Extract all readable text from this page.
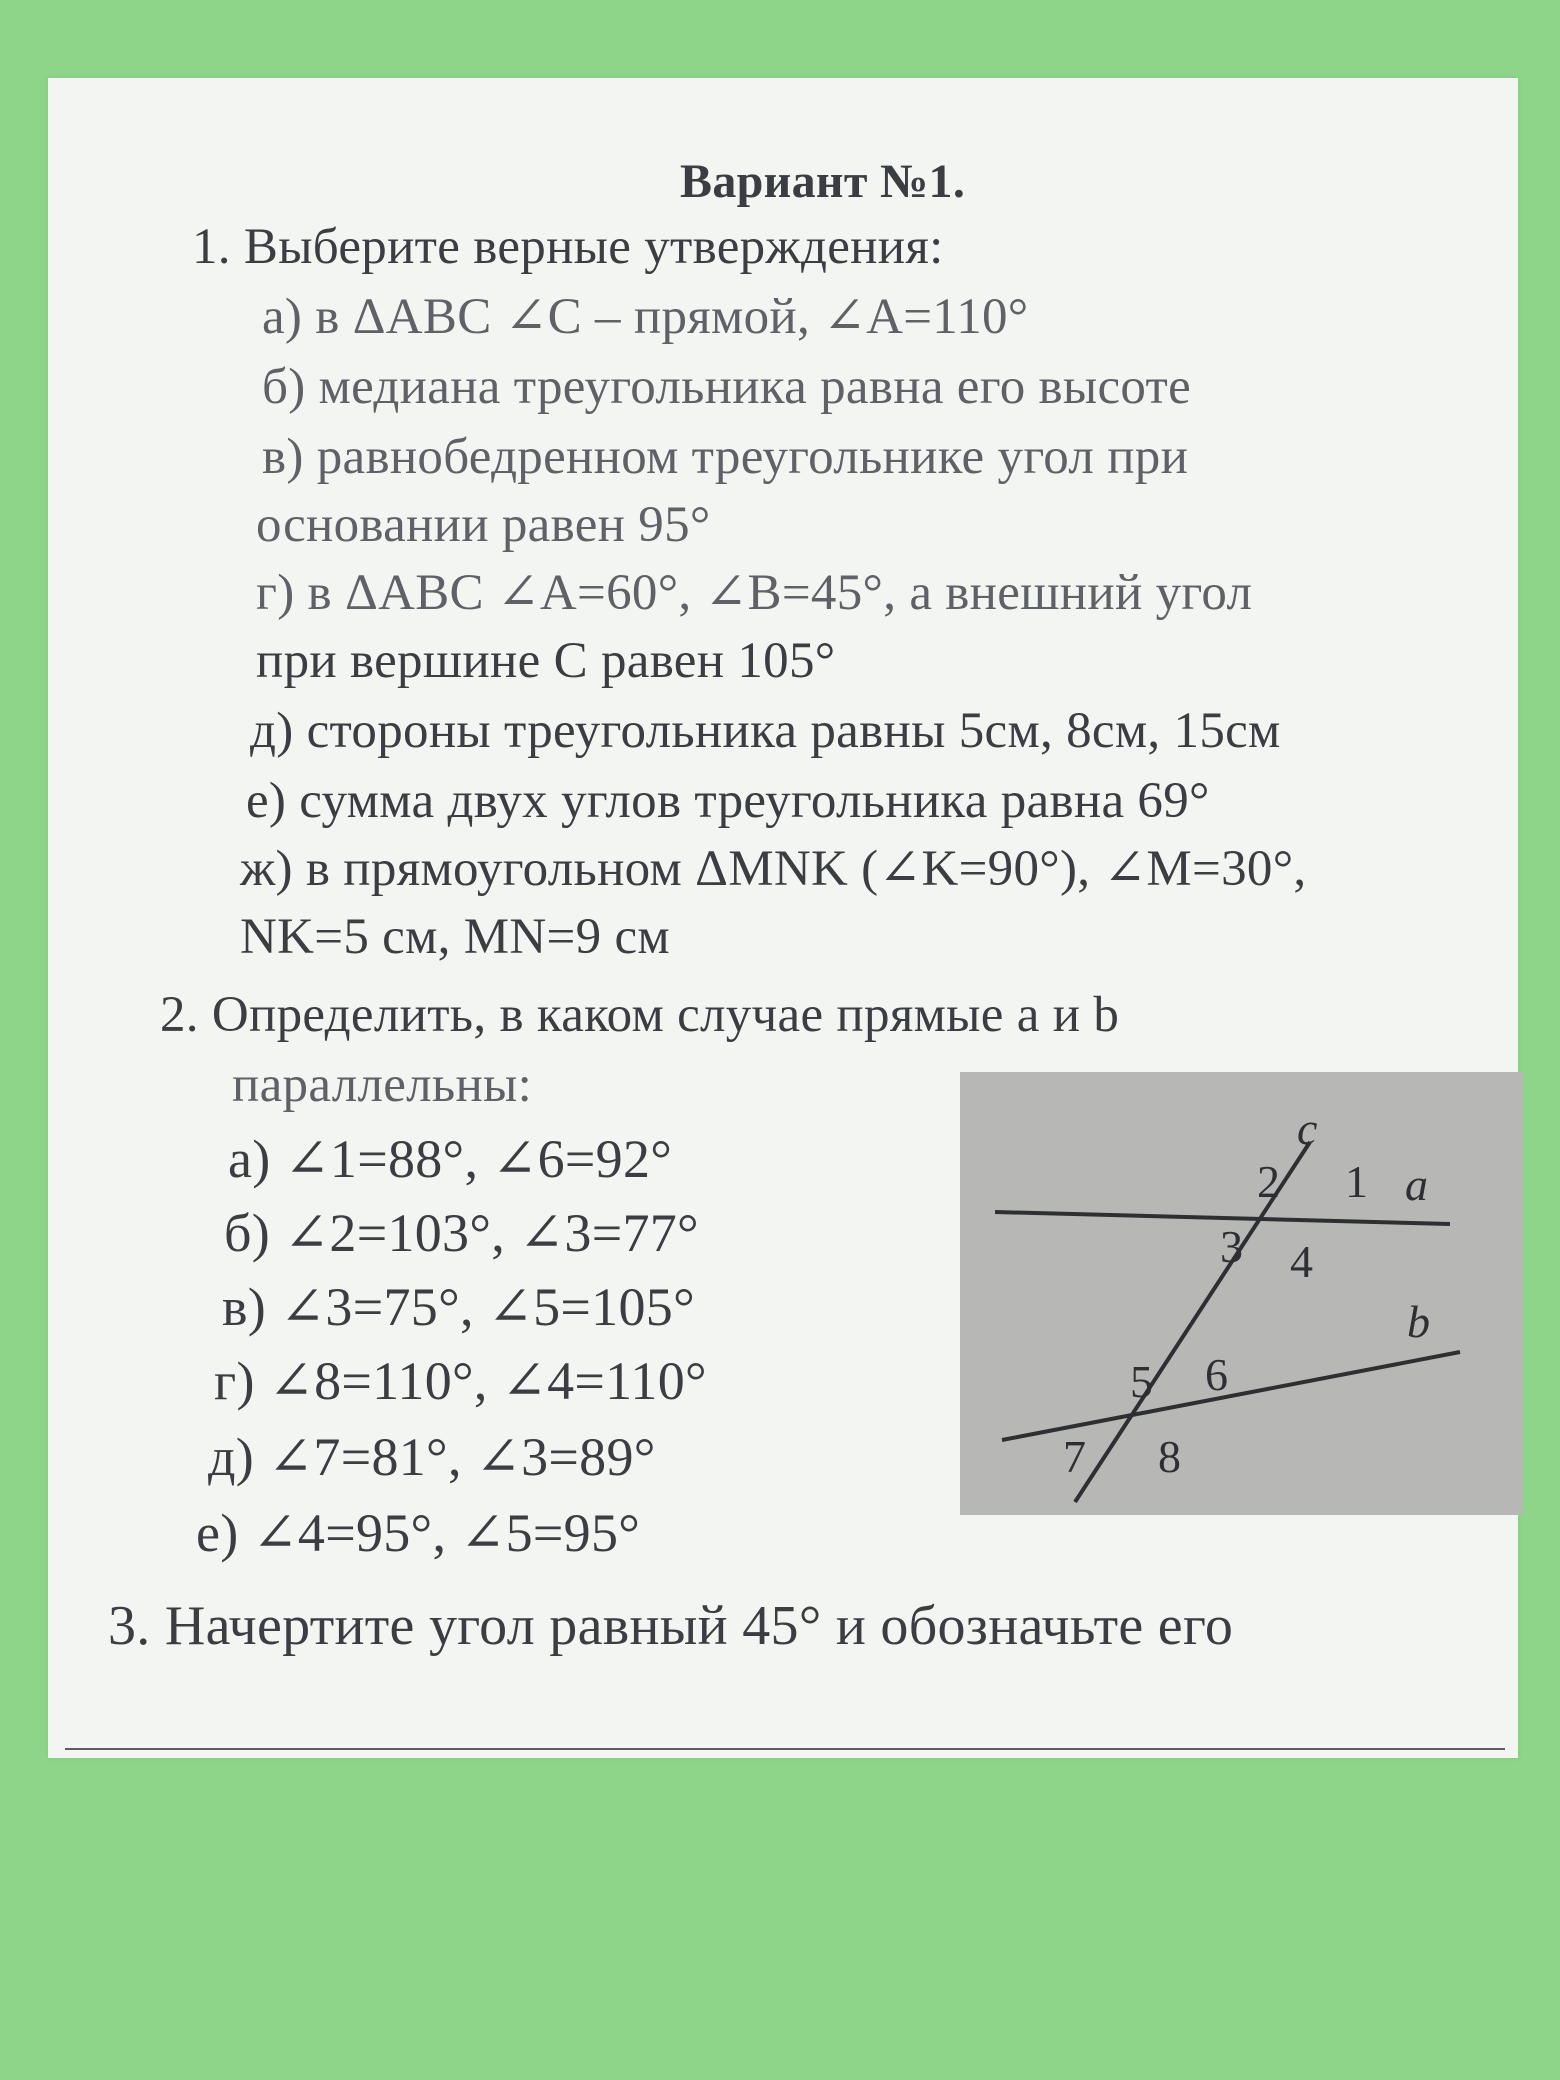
Вариант №1.
1. Выберите верные утверждения:
а) в ΔABC ∠C – прямой, ∠A=110°
б) медиана треугольника равна его высоте
в) равнобедренном треугольнике угол при
основании равен 95°
г) в ΔABC ∠A=60°, ∠B=45°, а внешний угол
при вершине C равен 105°
д) стороны треугольника равны 5см, 8см, 15см
е) сумма двух углов треугольника равна 69°
ж) в прямоугольном ΔMNK (∠K=90°), ∠M=30°,
NK=5 см, MN=9 см
2. Определить, в каком случае прямые a и b
параллельны:
а) ∠1=88°, ∠6=92°
б) ∠2=103°, ∠3=77°
в) ∠3=75°, ∠5=105°
г) ∠8=110°, ∠4=110°
д) ∠7=81°, ∠3=89°
е) ∠4=95°, ∠5=95°
c
a
b
2 1
3 4
5 6
7 8
3. Начертите угол равный 45° и обозначьте его
